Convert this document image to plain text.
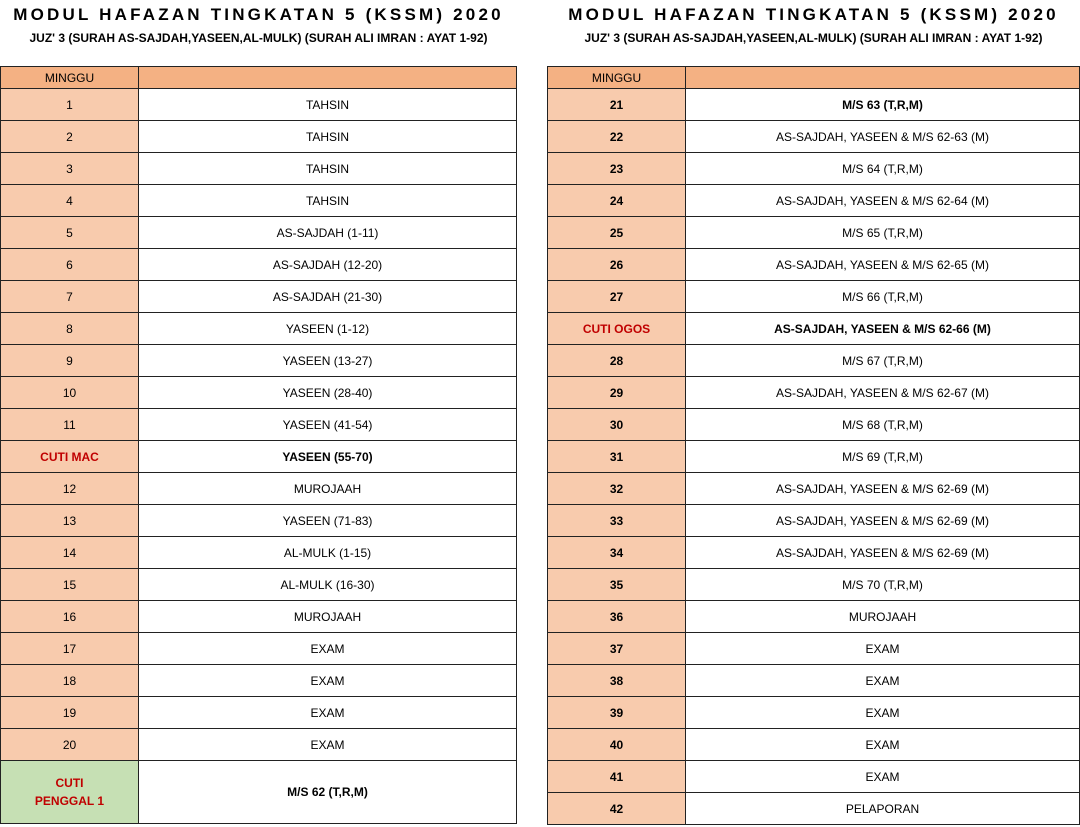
MODUL HAFAZAN TINGKATAN 5 (KSSM) 2020
JUZ' 3 (SURAH AS-SAJDAH,YASEEN,AL-MULK) (SURAH ALI IMRAN : AYAT 1-92)
MINGGU	
1	TAHSIN
2	TAHSIN
3	TAHSIN
4	TAHSIN
5	AS-SAJDAH (1-11)
6	AS-SAJDAH (12-20)
7	AS-SAJDAH (21-30)
8	YASEEN (1-12)
9	YASEEN (13-27)
10	YASEEN (28-40)
11	YASEEN (41-54)
CUTI MAC	YASEEN (55-70)
12	MUROJAAH
13	YASEEN (71-83)
14	AL-MULK (1-15)
15	AL-MULK (16-30)
16	MUROJAAH
17	EXAM
18	EXAM
19	EXAM
20	EXAM

CUTI
PENGGAL 1	M/S 62 (T,R,M)
MODUL HAFAZAN TINGKATAN 5 (KSSM) 2020
JUZ' 3 (SURAH AS-SAJDAH,YASEEN,AL-MULK) (SURAH ALI IMRAN : AYAT 1-92)
MINGGU	
21	M/S 63 (T,R,M)
22	AS-SAJDAH, YASEEN & M/S 62-63 (M)
23	M/S 64 (T,R,M)
24	AS-SAJDAH, YASEEN & M/S 62-64 (M)
25	M/S 65 (T,R,M)
26	AS-SAJDAH, YASEEN & M/S 62-65 (M)
27	M/S 66 (T,R,M)
CUTI OGOS	AS-SAJDAH, YASEEN & M/S 62-66 (M)
28	M/S 67 (T,R,M)
29	AS-SAJDAH, YASEEN & M/S 62-67 (M)
30	M/S 68 (T,R,M)
31	M/S 69 (T,R,M)
32	AS-SAJDAH, YASEEN & M/S 62-69 (M)
33	AS-SAJDAH, YASEEN & M/S 62-69 (M)
34	AS-SAJDAH, YASEEN & M/S 62-69 (M)
35	M/S 70 (T,R,M)
36	MUROJAAH
37	EXAM
38	EXAM
39	EXAM
40	EXAM
41	EXAM
42	PELAPORAN
